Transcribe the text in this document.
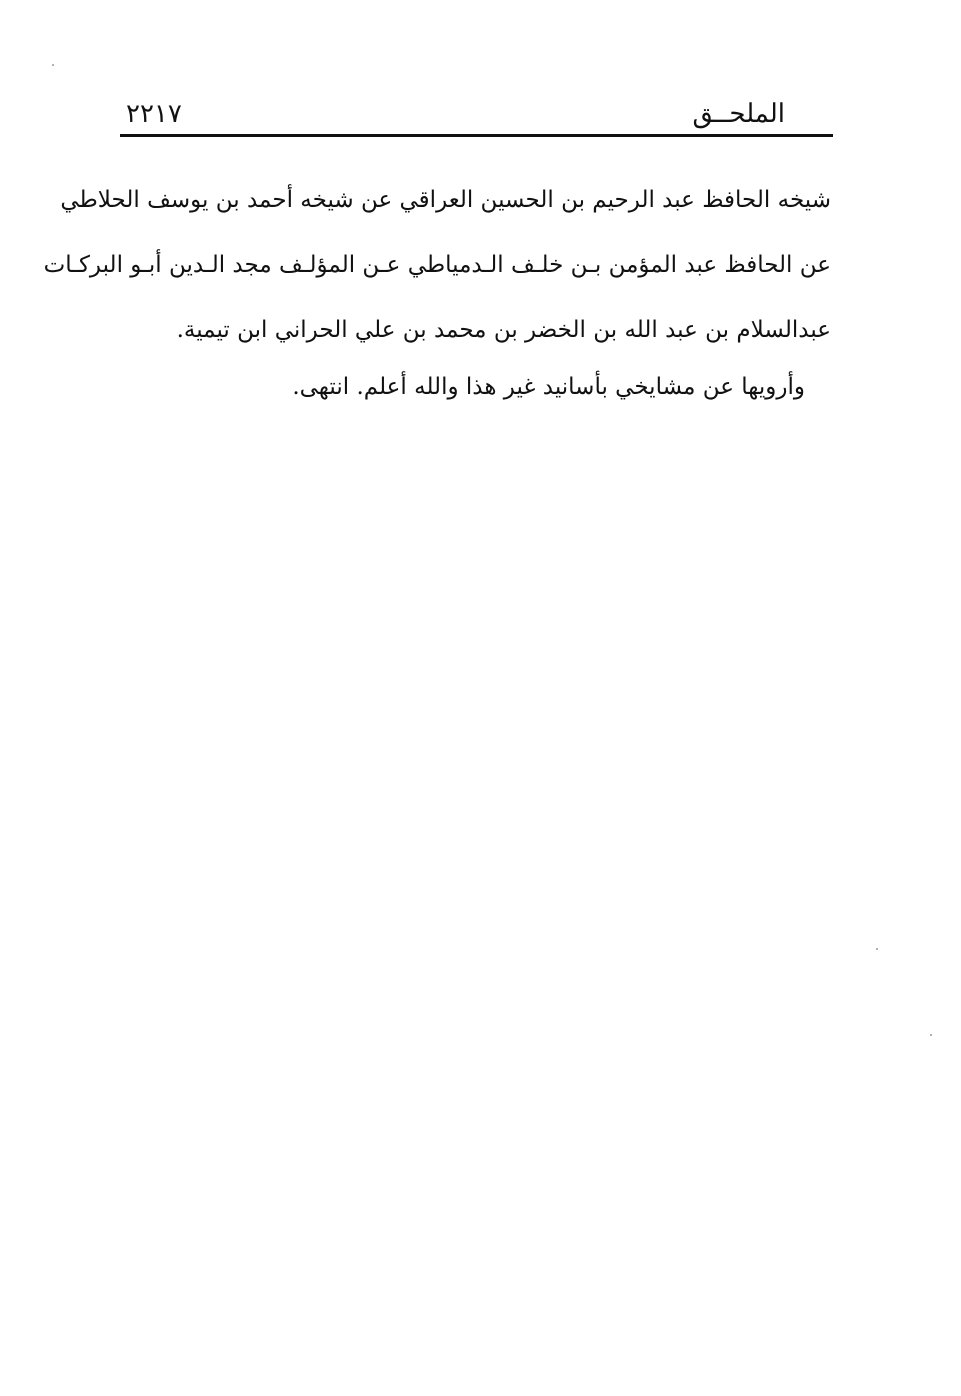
الملحــق
٢٢١٧

شيخه الحافظ عبد الرحيم بن الحسين العراقي عن شيخه أحمد بن يوسف الحلاطي

عن الحافظ عبد المؤمن بـن خلـف الـدمياطي عـن المؤلـف مجد الـدين أبـو البركـات

عبدالسلام بن عبد الله بن الخضر بن محمد بن علي الحراني ابن تيمية.

وأرويها عن مشايخي بأسانيد غير هذا والله أعلم. انتهى.
